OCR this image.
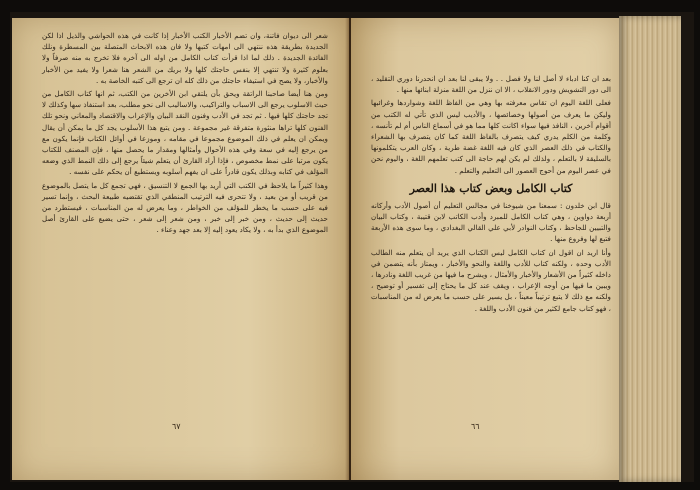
شعر الى ديوان فاتنة، وان تضم الأخبار الكتب الأخبار إذا كانت في هذه الحواشي والذيل اذا لكن الجديدة بطريقة هذه ننتهي الى امهات كتبها ولا فان هذه الابحاث المتصلة بين المسطرة ونلك الفائدة الجديدة . ذلك لما اذا قرأت كتاب الكامل من اوله الى آخره فلا تخرج به منه صرفاً ولا بعلوم كثيرة ولا تنتهي إلا بنفس حاجتك كلها ولا بريك من الشعر هنا شعرا ولا يفيد من الأخبار والأخبار، ولا يصح في استيفاء حاجتك من ذلك كله ان ترجع الى كتبه الخاصة به .

ومن هنا أيضا صاحبنا الراتقة ويحق بأن يلتقي ابن الأخرين من الكتب، ثم انها كتاب الكامل من حيث الاسلوب يرجع الى الاسباب والتراكيب، والاساليب الى نحو مطلب، بعد استنفاذ سها وكذلك لا تجد حاجتك كلها فيها . ثم تجد في الأدب وفنون النقد البيان والإعراب والاقتصاد والمعاني ونحو تلك الفنون كلها تراها منثورة متفرقة غير مجموعة . ومن يتبع هذا الأسلوب يجد كل ما يمكن أن يقال ويمكن ان يعلم في ذلك الموضوع مجموعا في مقامه ، وموزعا في أوائل الكتاب فإنما يكون مع من يرجع إليه في سعة وفي هذه الأحوال وأمثالها ومقدار ما يحصل منها ، فإن المصنف للكتاب يكون مرتبا على نمط مخصوص ، فإذا أراد القارئ أن يتعلم شيئاً يرجع إلى ذلك النمط الذي وضعه المؤلف في كتابه وبذلك يكون قادراً على ان يفهم أسلوبه ويستطيع أن يحكم على نفسه .

وهذا كثيراً ما يلاحظ في الكتب التي أريد بها الجمع لا التنسيق ، فهي تجمع كل ما يتصل بالموضوع من قريب أو من بعيد ، ولا تتحرى فيه الترتيب المنطقي الذي تقتضيه طبيعة البحث ، وإنما تسير فيه على حسب ما يخطر للمؤلف من الخواطر ، وما يعرض له من المناسبات ، فيستطرد من حديث إلى حديث ، ومن خبر إلى خبر ، ومن شعر إلى شعر ، حتى يضيع على القارئ أصل الموضوع الذي بدأ به ، ولا يكاد يعود إليه إلا بعد جهد وعناء .

٦٧

بعد ان كنا ادباء لا أصل لنا ولا فصل . . ولا يبقى لنا بعد ان انحدرنا دوري التقليد ، الى دور التشويش ودور الانقلاب ، الا ان ننزل من اللغة منزلة ابنائها منها .

فعلى اللغة اليوم ان تقاس معرفته بها وهي من الفاظ اللغة وشواردها وغرائبها وليكن ما يعرف من أصولها وخصائصها ، والأديب ليس الذي تأتي له الكتب من أقوام آخرين ، النافذ فيها سواء اكانت كلها مما هو في أسماع الناس أم لم تأنسه ، وكلمة من الكلم يدري كيف يتصرف بالفاظ اللغة كما كان يتصرف بها الشعراء والكتاب في ذلك العصر الذي كان فيه اللغة غضة طرية ، وكان العرب يتكلمونها بالسليقة لا بالتعلم ، ولذلك لم يكن لهم حاجة الى كتب تعلمهم اللغة ، واليوم نحن في عصر اليوم من أحوج العصور الى التعليم والتعلم .

كتاب الكامل وبعض كتاب هذا العصر

قال ابن خلدون : سمعنا من شيوخنا في مجالس التعليم أن أصول الأدب وأركانه أربعة دواوين ، وهي كتاب الكامل للمبرد وأدب الكاتب لابن قتيبة ، وكتاب البيان والتبيين للجاحظ ، وكتاب النوادر لأبي علي القالي البغدادي ، وما سوى هذه الأربعة فتبع لها وفروع منها .

وأنا اريد ان اقول ان كتاب الكامل ليس الكتاب الذي يريد أن يتعلم منه الطالب الأدب وحده ، ولكنه كتاب للأدب واللغة والنحو والأخبار ، ويمتاز بأنه يتضمن في داخله كثيراً من الأشعار والأخبار والأمثال ، ويشرح ما فيها من غريب اللغة ونادرها ، ويبين ما فيها من أوجه الإعراب ، ويقف عند كل ما يحتاج إلى تفسير أو توضيح ، ولكنه مع ذلك لا يتبع ترتيباً معيناً ، بل يسير على حسب ما يعرض له من المناسبات ، فهو كتاب جامع لكثير من فنون الأدب واللغة .

٦٦
